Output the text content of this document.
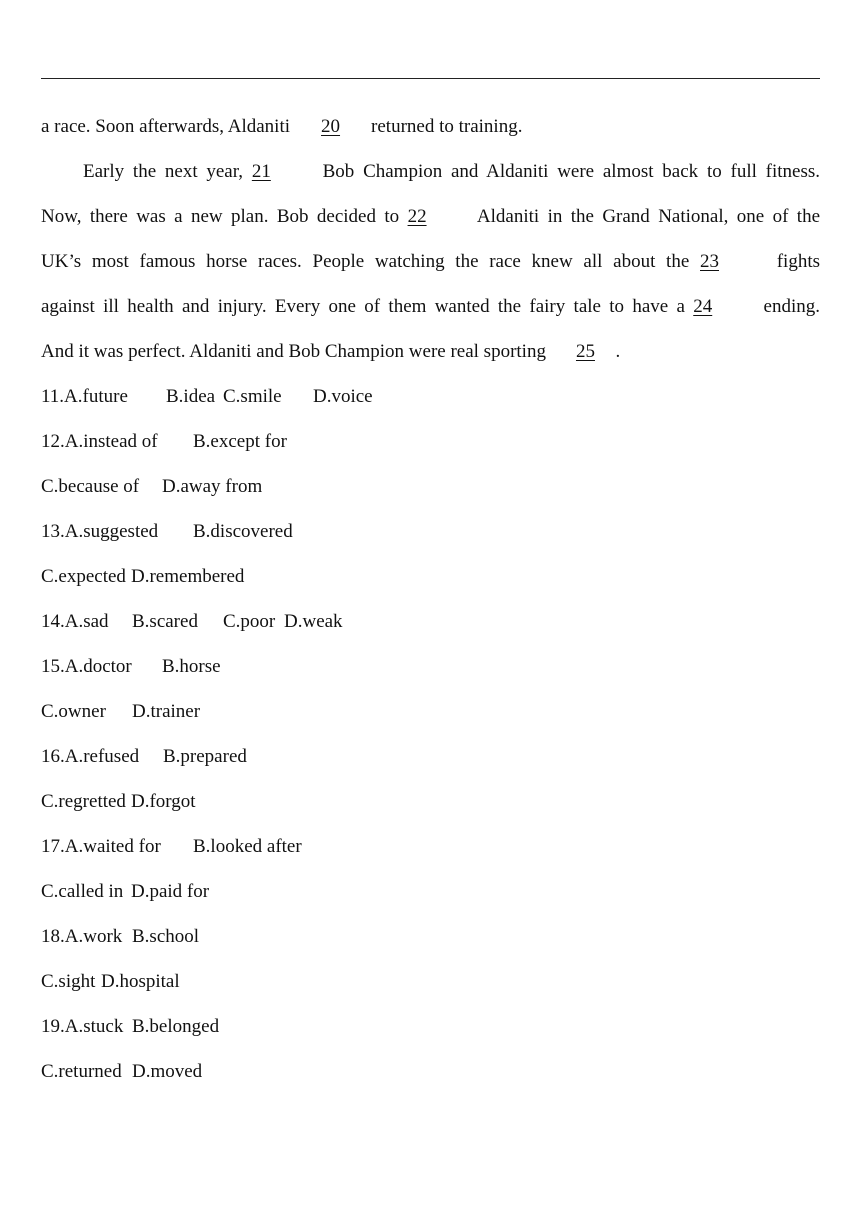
a race. Soon afterwards, Aldaniti 20 returned to training.
Early the next year, 21	Bob Champion and Aldaniti were almost back to full fitness.
Now, there was a new plan. Bob decided to 22	Aldaniti in the Grand National, one of the
UK’s most famous horse races. People watching the race knew all about the 23	fights
against ill health and injury. Every one of them wanted the fairy tale to have a 24	ending.
And it was perfect. Aldaniti and Bob Champion were real sporting 25 .
11.A.future B.idea C.smile D.voice
12.A.instead of B.except for
C.because of D.away from
13.A.suggested B.discovered
C.expected D.remembered
14.A.sad B.scared C.poor D.weak
15.A.doctor B.horse
C.owner D.trainer
16.A.refused B.prepared
C.regretted D.forgot
17.A.waited for B.looked after
C.called in D.paid for
18.A.work B.school
C.sight D.hospital
19.A.stuck B.belonged
C.returned D.moved
